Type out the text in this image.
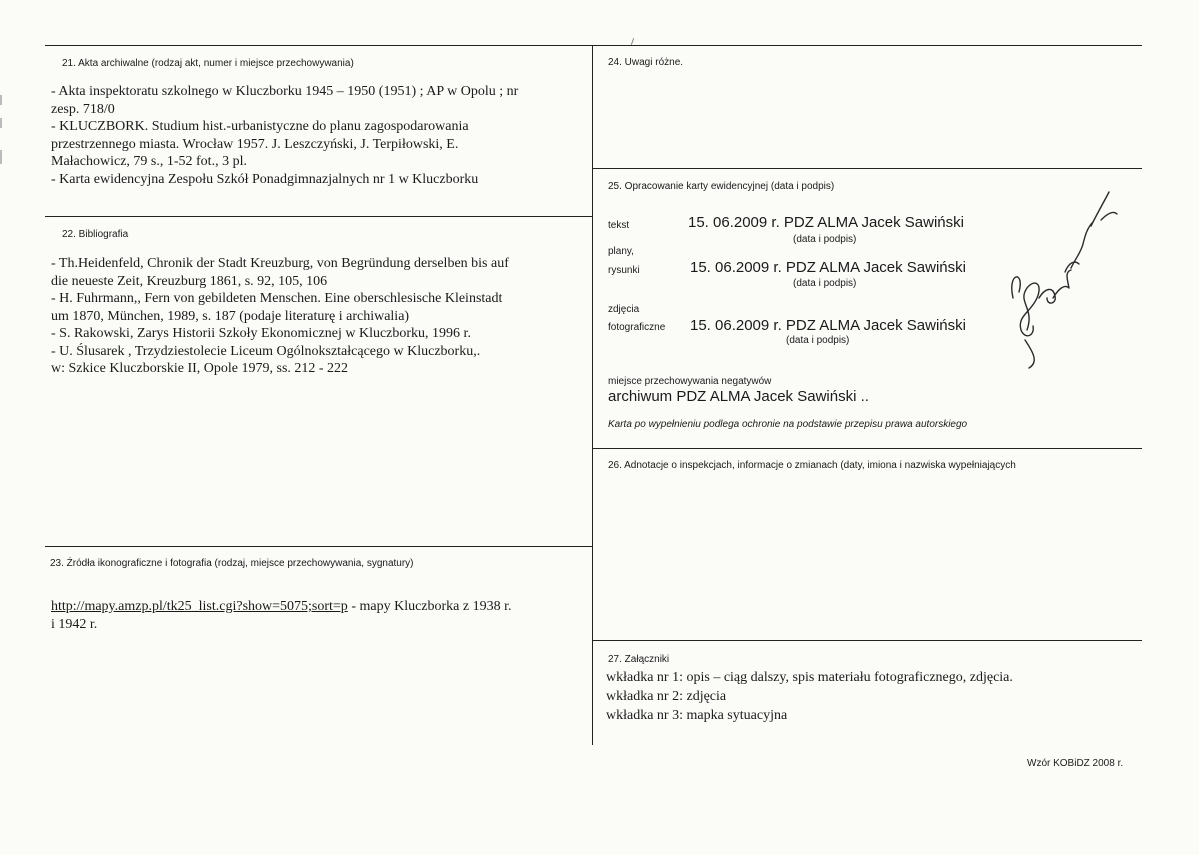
21. Akta archiwalne (rodzaj akt, numer i miejsce przechowywania)
- Akta inspektoratu szkolnego w Kluczborku 1945 – 1950 (1951) ; AP w Opolu ; nr
zesp. 718/0
- KLUCZBORK. Studium hist.-urbanistyczne do planu zagospodarowania
przestrzennego miasta. Wrocław 1957. J. Leszczyński, J. Terpiłowski, E.
Małachowicz, 79 s., 1-52 fot., 3 pl.
- Karta ewidencyjna Zespołu Szkół Ponadgimnazjalnych nr 1 w Kluczborku
22. Bibliografia
- Th.Heidenfeld, Chronik der Stadt Kreuzburg, von Begründung derselben bis auf
die neueste Zeit, Kreuzburg 1861, s. 92, 105, 106
- H. Fuhrmann,, Fern von gebildeten Menschen. Eine oberschlesische Kleinstadt
um 1870, München, 1989, s. 187 (podaje literaturę i archiwalia)
- S. Rakowski, Zarys Historii Szkoły Ekonomicznej w Kluczborku, 1996 r.
- U. Ślusarek , Trzydziestolecie Liceum Ogólnokształcącego w Kluczborku,.
w: Szkice Kluczborskie II, Opole 1979, ss. 212 - 222
23. Źródła ikonograficzne i fotografia (rodzaj, miejsce przechowywania, sygnatury)
http://mapy.amzp.pl/tk25_list.cgi?show=5075;sort=p - mapy Kluczborka z 1938 r.
i 1942 r.
24. Uwagi różne.
25. Opracowanie karty ewidencyjnej (data i podpis)
tekst	15. 06.2009 r. PDZ ALMA Jacek Sawiński
(data i podpis)
plany,
rysunki	15. 06.2009 r. PDZ ALMA Jacek Sawiński
(data i podpis)
zdjęcia
fotograficzne 15. 06.2009 r. PDZ ALMA Jacek Sawiński
(data i podpis)
miejsce przechowywania negatywów
archiwum PDZ ALMA Jacek Sawiński ..
Karta po wypełnieniu podlega ochronie na podstawie przepisu prawa autorskiego
26. Adnotacje o inspekcjach, informacje o zmianach (daty, imiona i nazwiska wypełniających
27. Załączniki
wkładka nr 1: opis – ciąg dalszy, spis materiału fotograficznego, zdjęcia.
wkładka nr 2: zdjęcia
wkładka nr 3: mapka sytuacyjna
Wzór KOBiDZ 2008 r.
